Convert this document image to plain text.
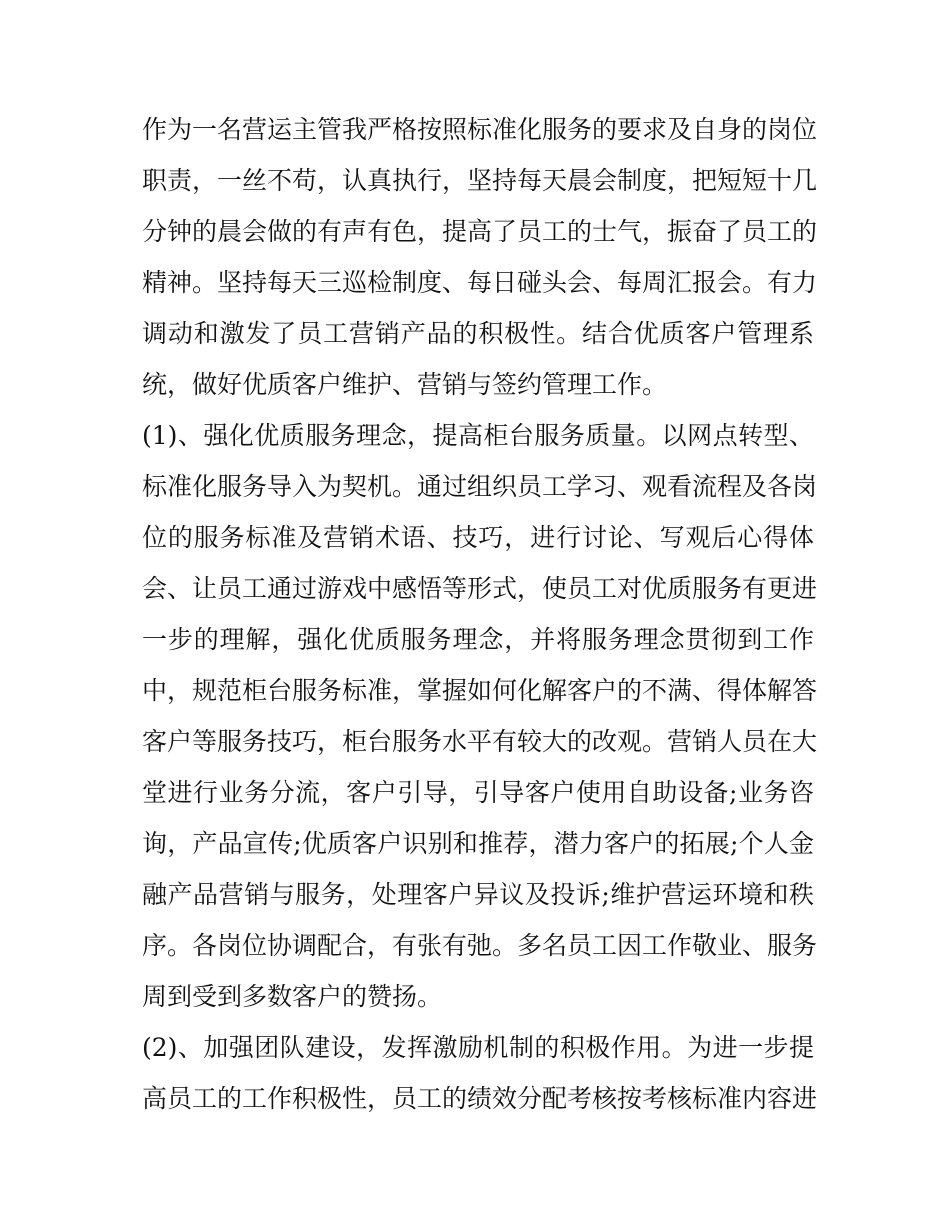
作为一名营运主管我严格按照标准化服务的要求及自身的岗位
职责，一丝不苟，认真执行，坚持每天晨会制度，把短短十几
分钟的晨会做的有声有色，提高了员工的士气，振奋了员工的
精神。坚持每天三巡检制度、每日碰头会、每周汇报会。有力
调动和激发了员工营销产品的积极性。结合优质客户管理系
统，做好优质客户维护、营销与签约管理工作。
(1)、强化优质服务理念，提高柜台服务质量。以网点转型、
标准化服务导入为契机。通过组织员工学习、观看流程及各岗
位的服务标准及营销术语、技巧，进行讨论、写观后心得体
会、让员工通过游戏中感悟等形式，使员工对优质服务有更进
一步的理解，强化优质服务理念，并将服务理念贯彻到工作
中，规范柜台服务标准，掌握如何化解客户的不满、得体解答
客户等服务技巧，柜台服务水平有较大的改观。营销人员在大
堂进行业务分流，客户引导，引导客户使用自助设备;业务咨
询，产品宣传;优质客户识别和推荐，潜力客户的拓展;个人金
融产品营销与服务，处理客户异议及投诉;维护营运环境和秩
序。各岗位协调配合，有张有弛。多名员工因工作敬业、服务
周到受到多数客户的赞扬。
(2)、加强团队建设，发挥激励机制的积极作用。为进一步提
高员工的工作积极性，员工的绩效分配考核按考核标准内容进
